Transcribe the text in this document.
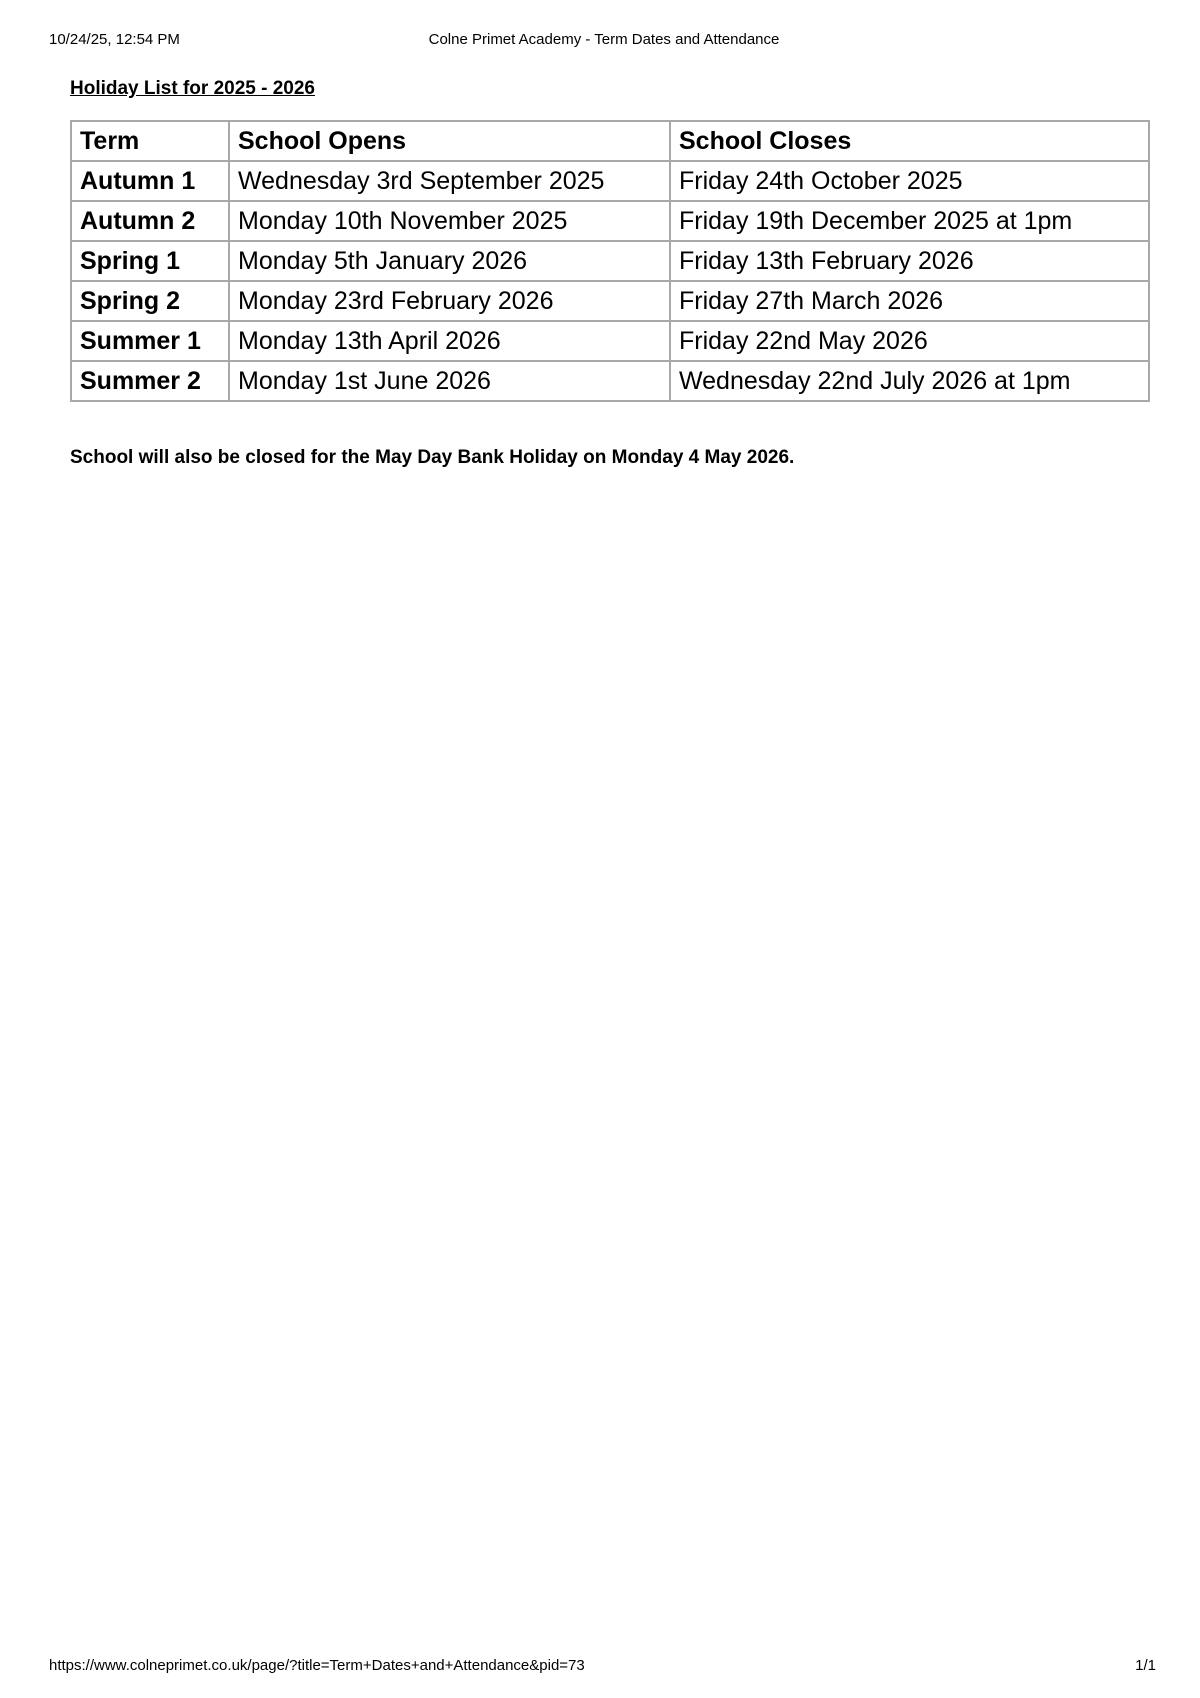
10/24/25, 12:54 PM	Colne Primet Academy - Term Dates and Attendance
Holiday List for 2025 - 2026
Term	School Opens	School Closes
Autumn 1	Wednesday 3rd September 2025	Friday 24th October 2025
Autumn 2	Monday 10th November 2025	Friday 19th December 2025 at 1pm
Spring 1	Monday 5th January 2026	Friday 13th February 2026
Spring 2	Monday 23rd February 2026	Friday 27th March 2026
Summer 1	Monday 13th April 2026	Friday 22nd May 2026
Summer 2	Monday 1st June 2026	Wednesday 22nd July 2026 at 1pm
School will also be closed for the May Day Bank Holiday on Monday 4 May 2026.
https://www.colneprimet.co.uk/page/?title=Term+Dates+and+Attendance&pid=73	1/1
